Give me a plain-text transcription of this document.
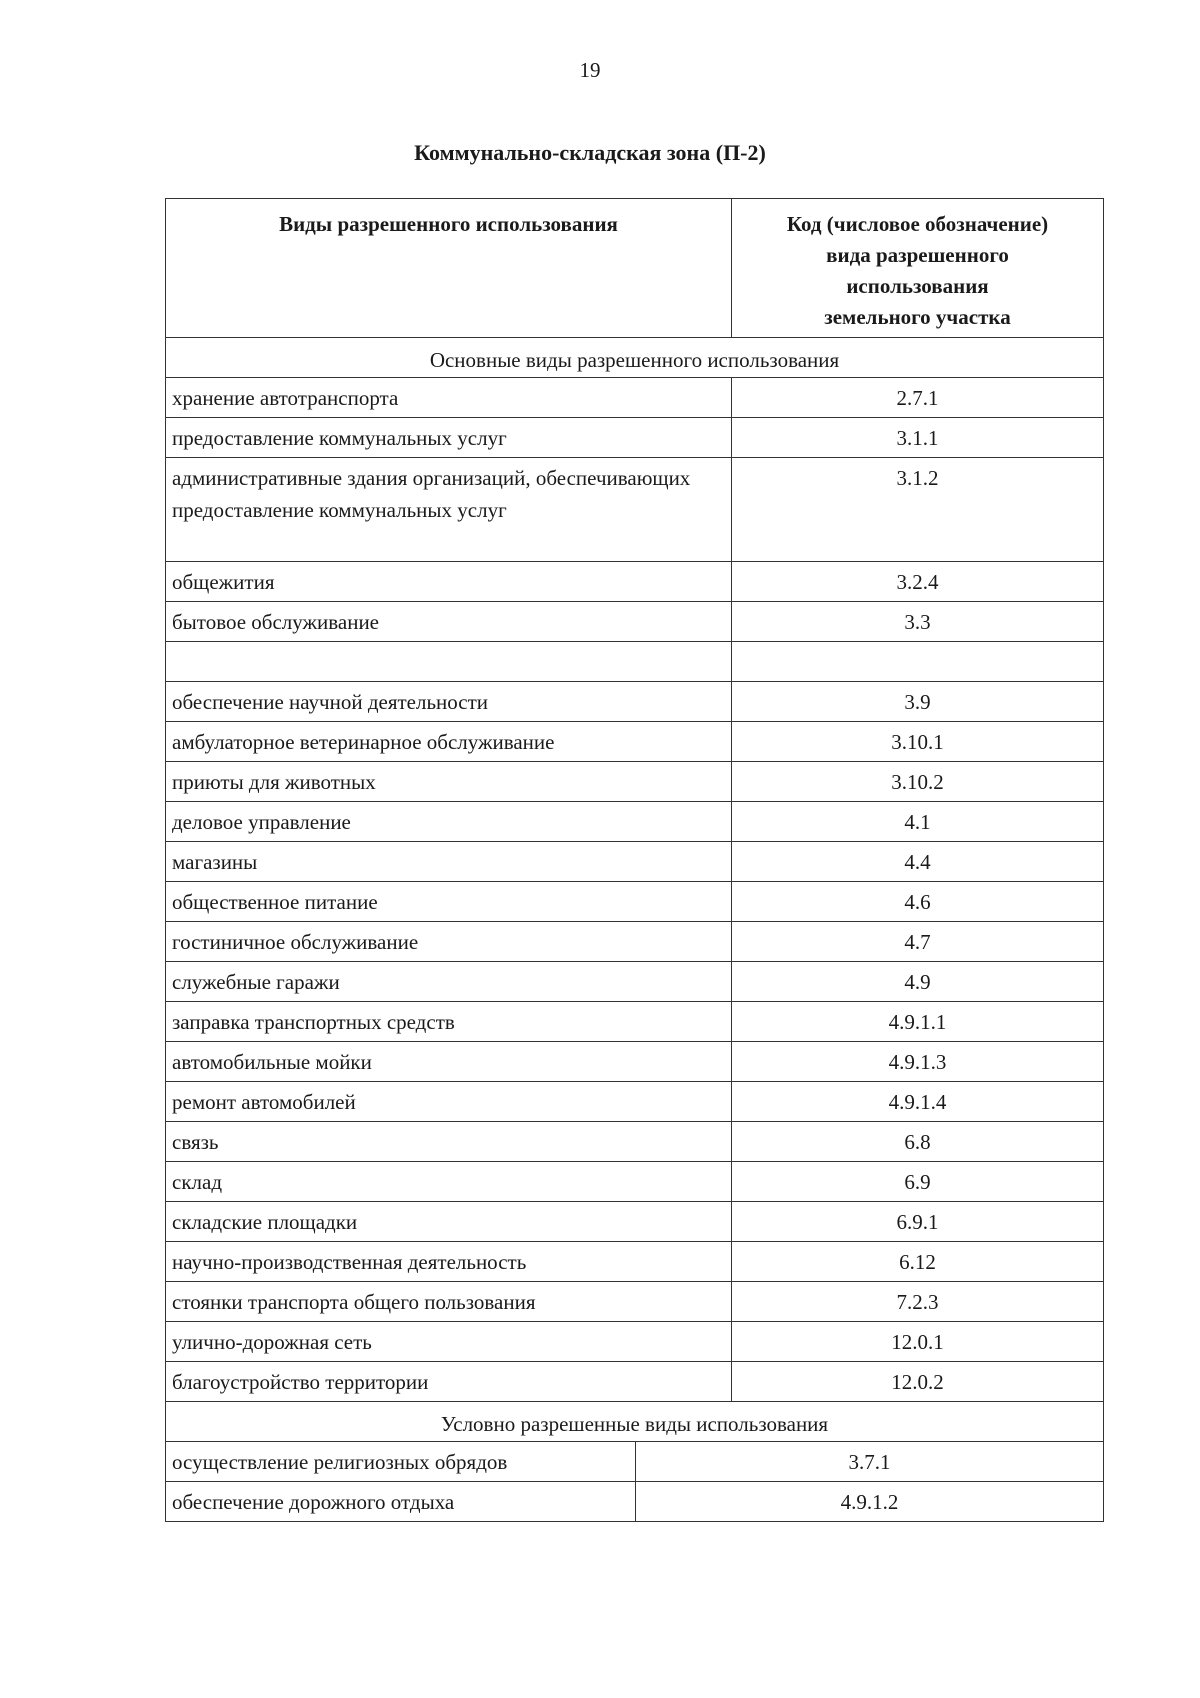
19
Коммунально-складская зона (П-2)
Виды разрешенного использования	Код (числовое обозначение)
вида разрешенного
использования
земельного участка

Основные виды разрешенного использования	
хранение автотранспорта	2.7.1
предоставление коммунальных услуг	3.1.1
административные здания организаций, обеспечивающих предоставление коммунальных услуг	3.1.2
общежития	3.2.4
бытовое обслуживание	3.3

обеспечение научной деятельности	3.9
амбулаторное ветеринарное обслуживание	3.10.1
приюты для животных	3.10.2
деловое управление	4.1
магазины	4.4
общественное питание	4.6
гостиничное обслуживание	4.7
служебные гаражи	4.9
заправка транспортных средств	4.9.1.1
автомобильные мойки	4.9.1.3
ремонт автомобилей	4.9.1.4
связь	6.8
склад	6.9
складские площадки	6.9.1
научно-производственная деятельность	6.12
стоянки транспорта общего пользования	7.2.3
улично-дорожная сеть	12.0.1
благоустройство территории	12.0.2
Условно разрешенные виды использования	
осуществление религиозных обрядов	3.7.1
обеспечение дорожного отдыха	4.9.1.2
